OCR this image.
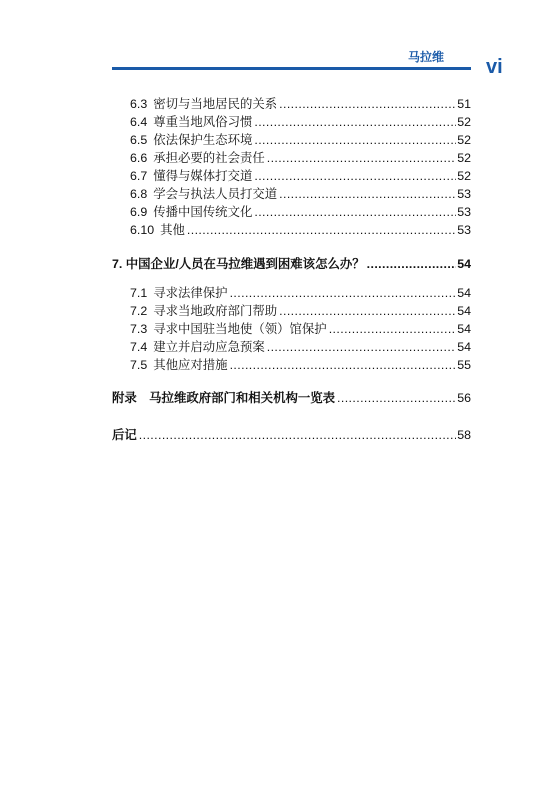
马拉维 vi
6.3 密切与当地居民的关系 .....	51
6.4 尊重当地风俗习惯 .....	52
6.5 依法保护生态环境 .....	52
6.6 承担必要的社会责任 .....	52
6.7 懂得与媒体打交道 .....	52
6.8 学会与执法人员打交道 .....	53
6.9 传播中国传统文化 .....	53
6.10 其他 .....	53
7. 中国企业/人员在马拉维遇到困难该怎么办？ .....	54
7.1 寻求法律保护 .....	54
7.2 寻求当地政府部门帮助 .....	54
7.3 寻求中国驻当地使（领）馆保护 .....	54
7.4 建立并启动应急预案 .....	54
7.5 其他应对措施 .....	55
附录　马拉维政府部门和相关机构一览表 .....	56
后记 .....	58
